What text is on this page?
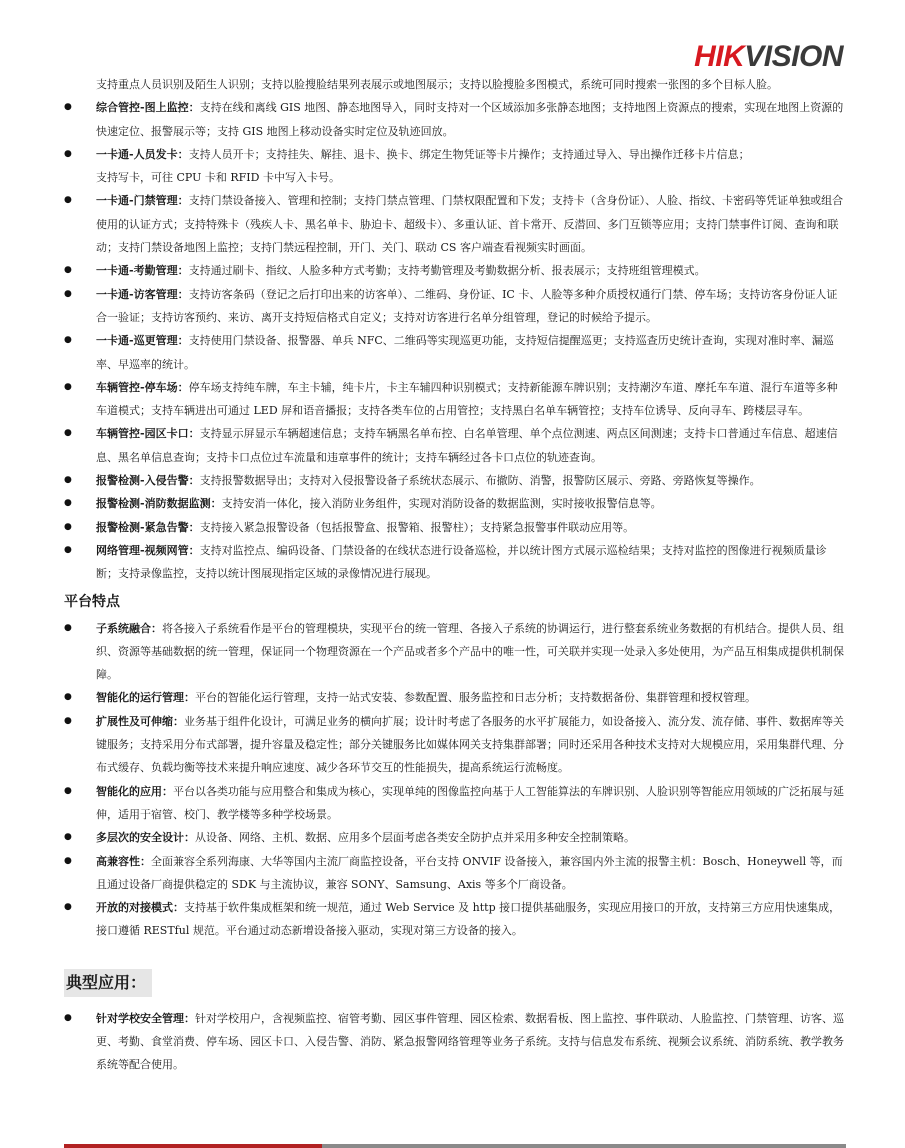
HIKVISION

支持重点人员识别及陌生人识别；支持以脸搜脸结果列表展示或地图展示；支持以脸搜脸多图模式，系统可同时搜索一张图的多个目标人脸。

● 综合管控-图上监控：支持在线和离线 GIS 地图、静态地图导入，同时支持对一个区域添加多张静态地图；支持地图上资源点的搜索，实现在地图上资源的快速定位、报警展示等；支持 GIS 地图上移动设备实时定位及轨迹回放。

● 一卡通-人员发卡：支持人员开卡；支持挂失、解挂、退卡、换卡、绑定生物凭证等卡片操作；支持通过导入、导出操作迁移卡片信息；
支持写卡，可往 CPU 卡和 RFID 卡中写入卡号。

● 一卡通-门禁管理：支持门禁设备接入、管理和控制；支持门禁点管理、门禁权限配置和下发；支持卡（含身份证）、人脸、指纹、卡密码等凭证单独或组合使用的认证方式；支持特殊卡（残疾人卡、黑名单卡、胁迫卡、超级卡）、多重认证、首卡常开、反潜回、多门互锁等应用；支持门禁事件订阅、查询和联动；支持门禁设备地图上监控；支持门禁远程控制，开门、关门、联动 CS 客户端查看视频实时画面。

● 一卡通-考勤管理：支持通过刷卡、指纹、人脸多种方式考勤；支持考勤管理及考勤数据分析、报表展示；支持班组管理模式。

● 一卡通-访客管理：支持访客条码（登记之后打印出来的访客单）、二维码、身份证、IC 卡、人脸等多种介质授权通行门禁、停车场；支持访客身份证人证合一验证；支持访客预约、来访、离开支持短信格式自定义；支持对访客进行名单分组管理，登记的时候给予提示。

● 一卡通-巡更管理：支持使用门禁设备、报警器、单兵 NFC、二维码等实现巡更功能，支持短信提醒巡更；支持巡查历史统计查询，实现对准时率、漏巡率、早巡率的统计。

● 车辆管控-停车场：停车场支持纯车牌，车主卡辅，纯卡片，卡主车辅四种识别模式；支持新能源车牌识别；支持潮汐车道、摩托车车道、混行车道等多种车道模式；支持车辆进出可通过 LED 屏和语音播报；支持各类车位的占用管控；支持黑白名单车辆管控；支持车位诱导、反向寻车、跨楼层寻车。

● 车辆管控-园区卡口：支持显示屏显示车辆超速信息；支持车辆黑名单布控、白名单管理、单个点位测速、两点区间测速；支持卡口普通过车信息、超速信息、黑名单信息查询；支持卡口点位过车流量和违章事件的统计；支持车辆经过各卡口点位的轨迹查询。

● 报警检测-入侵告警：支持报警数据导出；支持对入侵报警设备子系统状态展示、布撤防、消警，报警防区展示、旁路、旁路恢复等操作。

● 报警检测-消防数据监测：支持安消一体化，接入消防业务组件，实现对消防设备的数据监测，实时接收报警信息等。

● 报警检测-紧急告警：支持接入紧急报警设备（包括报警盒、报警箱、报警柱）；支持紧急报警事件联动应用等。

● 网络管理-视频网管：支持对监控点、编码设备、门禁设备的在线状态进行设备巡检，并以统计图方式展示巡检结果；支持对监控的图像进行视频质量诊断；支持录像监控，支持以统计图展现指定区域的录像情况进行展现。

平台特点

● 子系统融合：将各接入子系统看作是平台的管理模块，实现平台的统一管理、各接入子系统的协调运行，进行整套系统业务数据的有机结合。提供人员、组织、资源等基础数据的统一管理，保证同一个物理资源在一个产品或者多个产品中的唯一性，可关联并实现一处录入多处使用，为产品互相集成提供机制保障。

● 智能化的运行管理：平台的智能化运行管理，支持一站式安装、参数配置、服务监控和日志分析；支持数据备份、集群管理和授权管理。

● 扩展性及可伸缩：业务基于组件化设计，可满足业务的横向扩展；设计时考虑了各服务的水平扩展能力，如设备接入、流分发、流存储、事件、数据库等关键服务；支持采用分布式部署，提升容量及稳定性；部分关键服务比如媒体网关支持集群部署；同时还采用各种技术支持对大规模应用，采用集群代理、分布式缓存、负载均衡等技术来提升响应速度、减少各环节交互的性能损失，提高系统运行流畅度。

● 智能化的应用：平台以各类功能与应用整合和集成为核心，实现单纯的图像监控向基于人工智能算法的车牌识别、人脸识别等智能应用领域的广泛拓展与延伸，适用于宿管、校门、教学楼等多种学校场景。

● 多层次的安全设计：从设备、网络、主机、数据、应用多个层面考虑各类安全防护点并采用多种安全控制策略。

● 高兼容性：全面兼容全系列海康、大华等国内主流厂商监控设备，平台支持 ONVIF 设备接入，兼容国内外主流的报警主机：Bosch、Honeywell 等，而且通过设备厂商提供稳定的 SDK 与主流协议，兼容 SONY、Samsung、Axis 等多个厂商设备。

● 开放的对接模式：支持基于软件集成框架和统一规范，通过 Web Service 及 http 接口提供基础服务，实现应用接口的开放，支持第三方应用快速集成，接口遵循 RESTful 规范。平台通过动态新增设备接入驱动，实现对第三方设备的接入。

典型应用：

● 针对学校安全管理：针对学校用户，含视频监控、宿管考勤、园区事件管理、园区检索、数据看板、图上监控、事件联动、人脸监控、门禁管理、访客、巡更、考勤、食堂消费、停车场、园区卡口、入侵告警、消防、紧急报警网络管理等业务子系统。支持与信息发布系统、视频会议系统、消防系统、教学教务系统等配合使用。
